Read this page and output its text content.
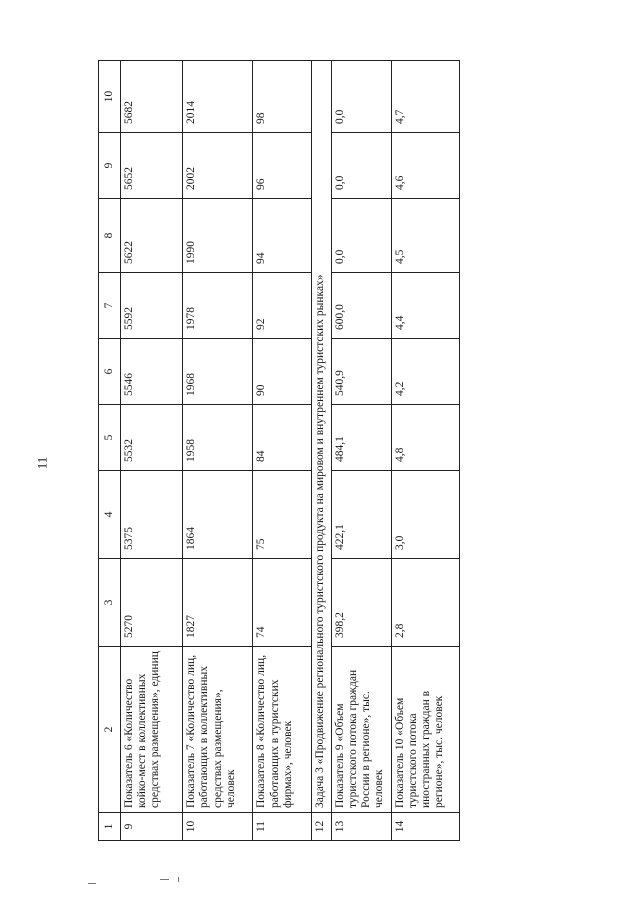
11
1	2	3	4	5	6	7	8	9	10
9	Показатель 6 «Количество койко-мест в коллективных средствах размещения», единиц	5270	5375	5532	5546	5592	5622	5652	5682
10	Показатель 7 «Количество лиц, работающих в коллективных средствах размещения», человек	1827	1864	1958	1968	1978	1990	2002	2014
11	Показатель 8 «Количество лиц, работающих в туристских фирмах», человек	74	75	84	90	92	94	96	98
12	Задача 3 «Продвижение регионального туристского продукта на мировом и внутреннем туристских рынках»								
13	Показатель 9 «Объем туристского потока граждан России в регионе», тыс. человек	398,2	422,1	484,1	540,9	600,0	0,0	0,0	0,0
14	Показатель 10 «Объем туристского потока иностранных граждан в регионе», тыс. человек	2,8	3,0	4,8	4,2	4,4	4,5	4,6	4,7
